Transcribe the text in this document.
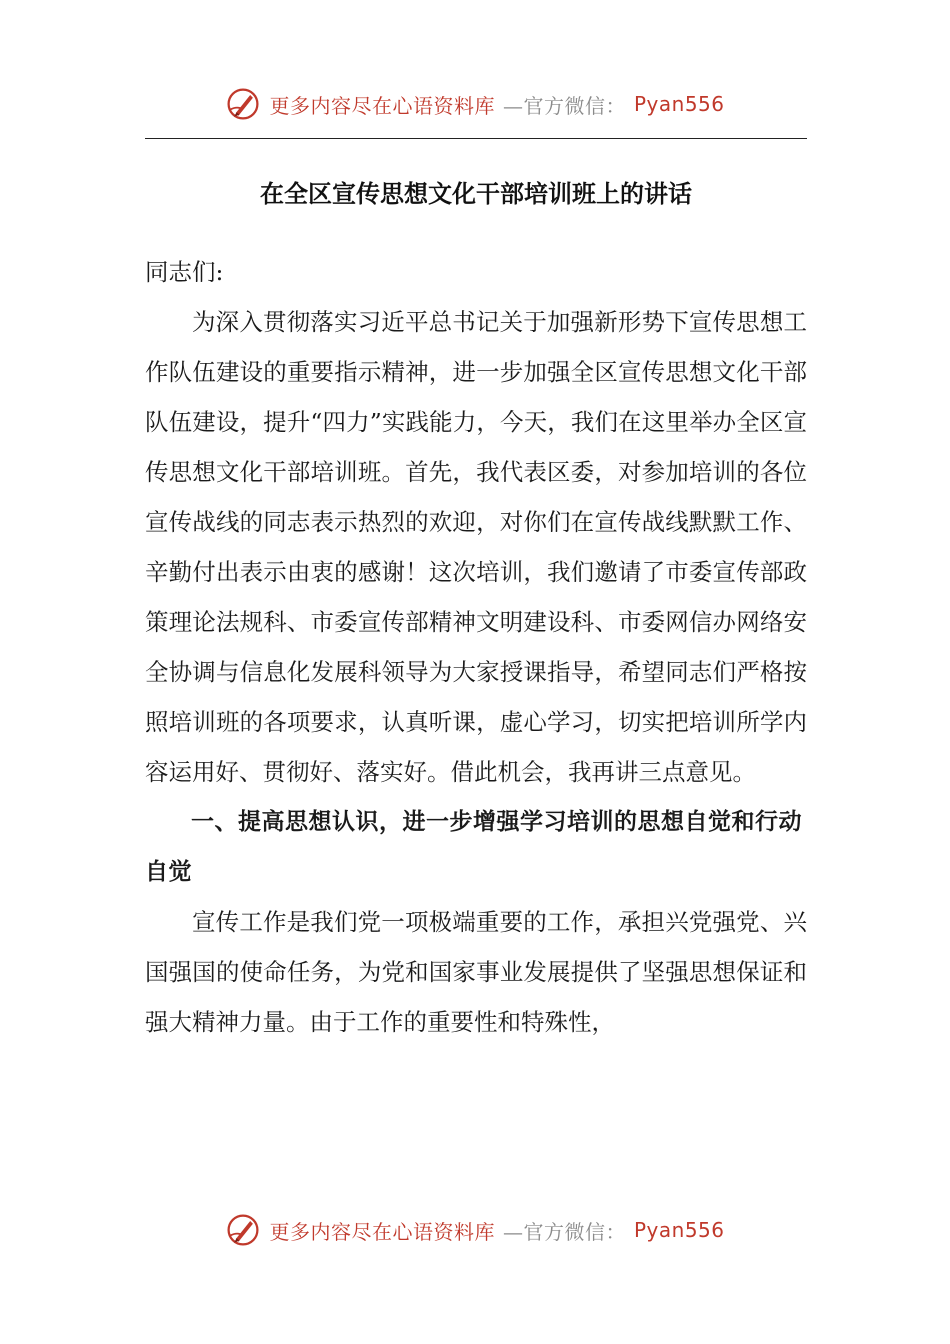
更多内容尽在心语资料库 —官方微信： Pyan556
在全区宣传思想文化干部培训班上的讲话

同志们:

为深入贯彻落实习近平总书记关于加强新形势下宣传思想工作队伍建设的重要指示精神，进一步加强全区宣传思想文化干部队伍建设，提升“四力”实践能力，今天，我们在这里举办全区宣传思想文化干部培训班。首先，我代表区委，对参加培训的各位宣传战线的同志表示热烈的欢迎，对你们在宣传战线默默工作、辛勤付出表示由衷的感谢！这次培训，我们邀请了市委宣传部政策理论法规科、市委宣传部精神文明建设科、市委网信办网络安全协调与信息化发展科领导为大家授课指导，希望同志们严格按照培训班的各项要求，认真听课，虚心学习，切实把培训所学内容运用好、贯彻好、落实好。借此机会，我再讲三点意见。

一、提高思想认识，进一步增强学习培训的思想自觉和行动自觉

宣传工作是我们党一项极端重要的工作，承担兴党强党、兴国强国的使命任务，为党和国家事业发展提供了坚强思想保证和强大精神力量。由于工作的重要性和特殊性，

更多内容尽在心语资料库 —官方微信： Pyan556
